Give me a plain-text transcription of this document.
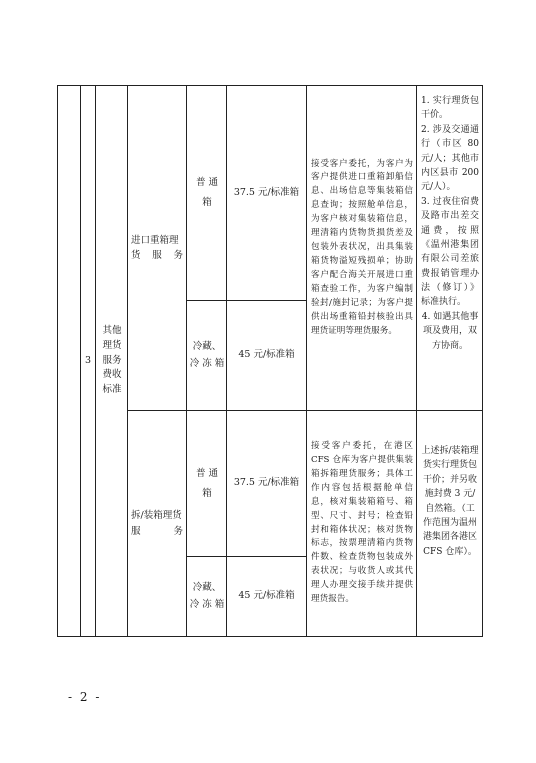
3
其他理货服务费收标准
进口重箱理货服务
普 通 箱
37.5 元/标准箱
冷藏、冷 冻 箱
45 元/标准箱
接受客户委托，为客户为客户提供进口重箱卸船信息、出场信息等集装箱信息查询；按照舱单信息，为客户核对集装箱信息，理清箱内货物货损货差及包装外表状况，出具集装箱货物溢短残损单；协助客户配合海关开展进口重箱查验工作，为客户编制验封/施封记录；为客户提供出场重箱铅封核验出具理货证明等理货服务。

1. 实行理货包干价。

2. 涉及交通通行（市区 80 元/人；其他市内区县市 200 元/人）。

3. 过夜住宿费及路市出差交通费，按照《温州港集团有限公司差旅费报销管理办法（修订）》标准执行。

4. 如遇其他事项及费用，双方协商。

拆/装箱理货服务
普 通 箱
37.5 元/标准箱
冷藏、冷 冻 箱
45 元/标准箱
接受客户委托，在港区 CFS 仓库为客户提供集装箱拆箱理货服务；具体工作内容包括根据舱单信息，核对集装箱箱号、箱型、尺寸、封号；检查铅封和箱体状况；核对货物标志，按票理清箱内货物件数、检查货物包装成外表状况；与收货人或其代理人办理交接手续并提供理货报告。

上述拆/装箱理货实行理货包干价；并另收施封费 3 元/自然箱。（工作范围为温州港集团各港区 CFS 仓库）。

- 2 -
